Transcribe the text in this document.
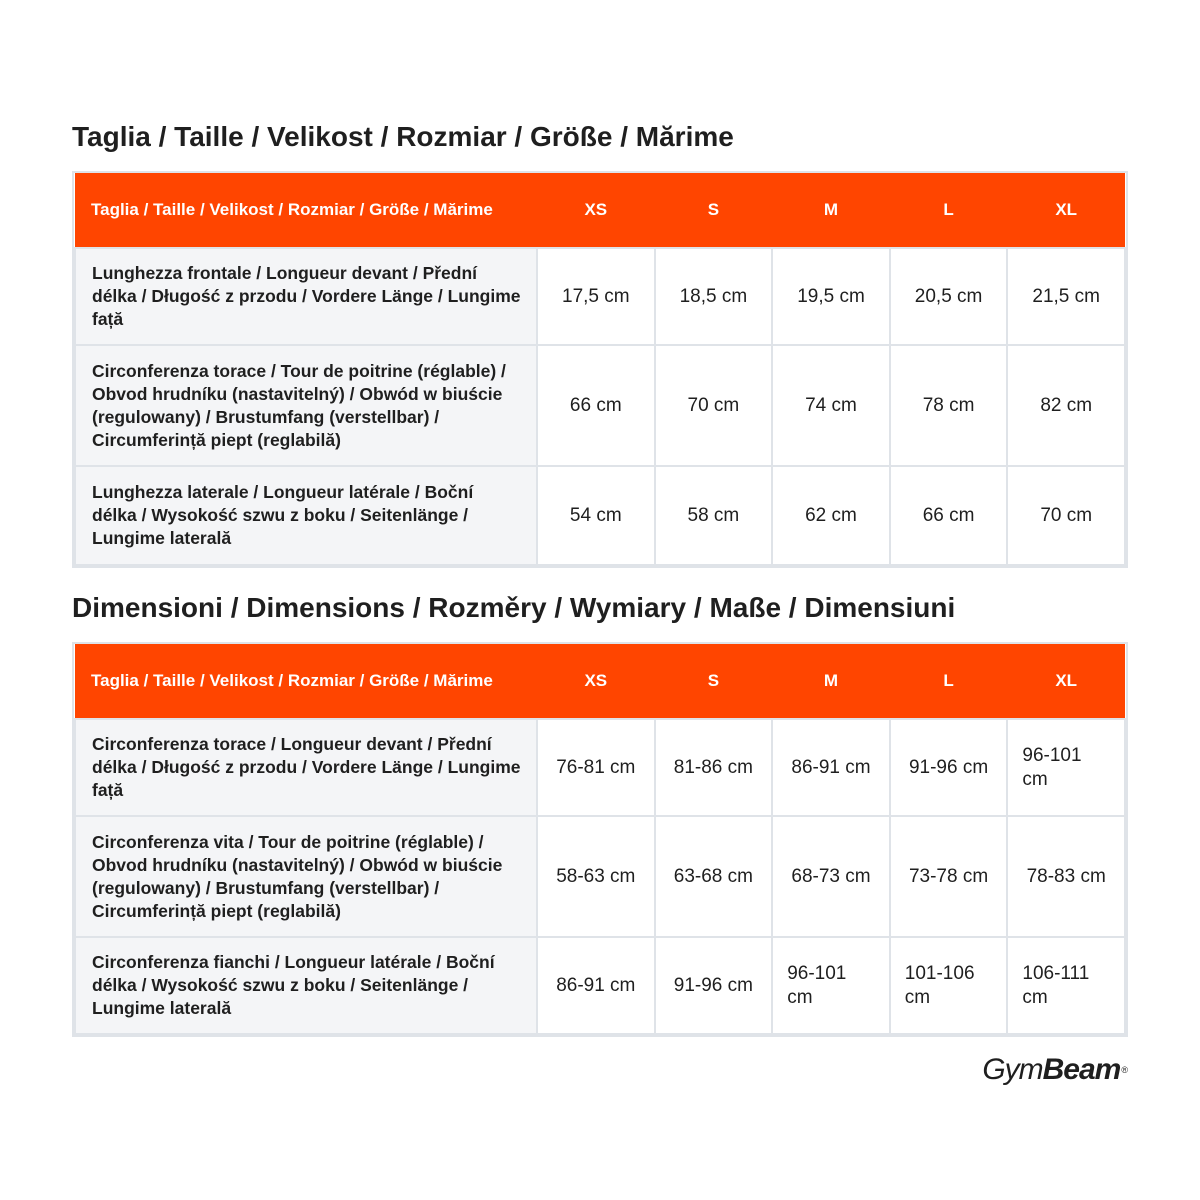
Taglia / Taille / Velikost / Rozmiar / Größe / Mărime
Taglia / Taille / Velikost / Rozmiar / Größe / Mărime	XS	S	M	L	XL
Lunghezza frontale / Longueur devant / Přední délka / Długość z przodu / Vordere Länge / Lungime față	17,5 cm	18,5 cm	19,5 cm	20,5 cm	21,5 cm
Circonferenza torace / Tour de poitrine (réglable) / Obvod hrudníku (nastavitelný) / Obwód w biuście (regulowany) / Brustumfang (verstellbar) / Circumferință piept (reglabilă)	66 cm	70 cm	74 cm	78 cm	82 cm
Lunghezza laterale / Longueur latérale / Boční délka / Wysokość szwu z boku / Seitenlänge / Lungime laterală	54 cm	58 cm	62 cm	66 cm	70 cm
Dimensioni / Dimensions / Rozměry / Wymiary / Maße / Dimensiuni
Taglia / Taille / Velikost / Rozmiar / Größe / Mărime	XS	S	M	L	XL
Circonferenza torace / Longueur devant / Přední délka / Długość z przodu / Vordere Länge / Lungime față	76-81 cm	81-86 cm	86-91 cm	91-96 cm	96-101 cm
Circonferenza vita / Tour de poitrine (réglable) / Obvod hrudníku (nastavitelný) / Obwód w biuście (regulowany) / Brustumfang (verstellbar) / Circumferință piept (reglabilă)	58-63 cm	63-68 cm	68-73 cm	73-78 cm	78-83 cm
Circonferenza fianchi / Longueur latérale / Boční délka / Wysokość szwu z boku / Seitenlänge / Lungime laterală	86-91 cm	91-96 cm	96-101 cm	101-106 cm	106-111 cm
GymBeam®
